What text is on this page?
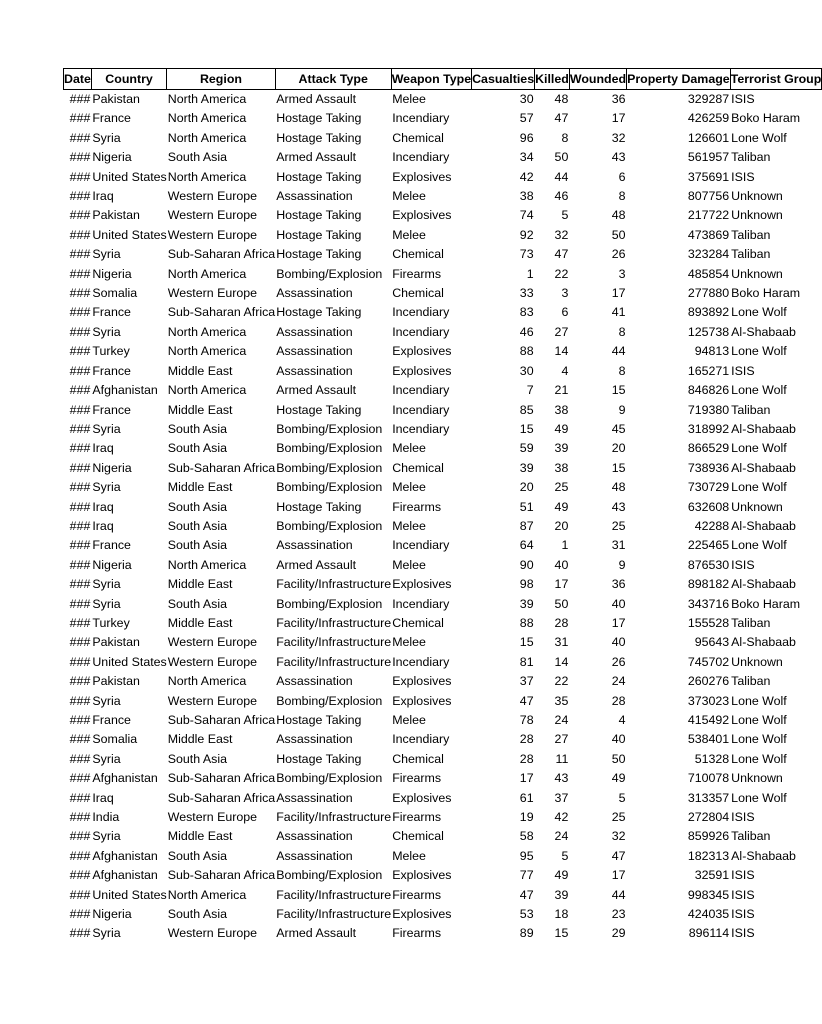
Date	Country	Region	Attack Type	Weapon Type	Casualties	Killed	Wounded	Property Damage	Terrorist Group
###	Pakistan	North America	Armed Assault	Melee	30	48	36	329287	ISIS
###	France	North America	Hostage Taking	Incendiary	57	47	17	426259	Boko Haram
###	Syria	North America	Hostage Taking	Chemical	96	8	32	126601	Lone Wolf
###	Nigeria	South Asia	Armed Assault	Incendiary	34	50	43	561957	Taliban
###	United States	North America	Hostage Taking	Explosives	42	44	6	375691	ISIS
###	Iraq	Western Europe	Assassination	Melee	38	46	8	807756	Unknown
###	Pakistan	Western Europe	Hostage Taking	Explosives	74	5	48	217722	Unknown
###	United States	Western Europe	Hostage Taking	Melee	92	32	50	473869	Taliban
###	Syria	Sub-Saharan Africa	Hostage Taking	Chemical	73	47	26	323284	Taliban
###	Nigeria	North America	Bombing/Explosion	Firearms	1	22	3	485854	Unknown
###	Somalia	Western Europe	Assassination	Chemical	33	3	17	277880	Boko Haram
###	France	Sub-Saharan Africa	Hostage Taking	Incendiary	83	6	41	893892	Lone Wolf
###	Syria	North America	Assassination	Incendiary	46	27	8	125738	Al-Shabaab
###	Turkey	North America	Assassination	Explosives	88	14	44	94813	Lone Wolf
###	France	Middle East	Assassination	Explosives	30	4	8	165271	ISIS
###	Afghanistan	North America	Armed Assault	Incendiary	7	21	15	846826	Lone Wolf
###	France	Middle East	Hostage Taking	Incendiary	85	38	9	719380	Taliban
###	Syria	South Asia	Bombing/Explosion	Incendiary	15	49	45	318992	Al-Shabaab
###	Iraq	South Asia	Bombing/Explosion	Melee	59	39	20	866529	Lone Wolf
###	Nigeria	Sub-Saharan Africa	Bombing/Explosion	Chemical	39	38	15	738936	Al-Shabaab
###	Syria	Middle East	Bombing/Explosion	Melee	20	25	48	730729	Lone Wolf
###	Iraq	South Asia	Hostage Taking	Firearms	51	49	43	632608	Unknown
###	Iraq	South Asia	Bombing/Explosion	Melee	87	20	25	42288	Al-Shabaab
###	France	South Asia	Assassination	Incendiary	64	1	31	225465	Lone Wolf
###	Nigeria	North America	Armed Assault	Melee	90	40	9	876530	ISIS
###	Syria	Middle East	Facility/Infrastructure	Explosives	98	17	36	898182	Al-Shabaab
###	Syria	South Asia	Bombing/Explosion	Incendiary	39	50	40	343716	Boko Haram
###	Turkey	Middle East	Facility/Infrastructure	Chemical	88	28	17	155528	Taliban
###	Pakistan	Western Europe	Facility/Infrastructure	Melee	15	31	40	95643	Al-Shabaab
###	United States	Western Europe	Facility/Infrastructure	Incendiary	81	14	26	745702	Unknown
###	Pakistan	North America	Assassination	Explosives	37	22	24	260276	Taliban
###	Syria	Western Europe	Bombing/Explosion	Explosives	47	35	28	373023	Lone Wolf
###	France	Sub-Saharan Africa	Hostage Taking	Melee	78	24	4	415492	Lone Wolf
###	Somalia	Middle East	Assassination	Incendiary	28	27	40	538401	Lone Wolf
###	Syria	South Asia	Hostage Taking	Chemical	28	11	50	51328	Lone Wolf
###	Afghanistan	Sub-Saharan Africa	Bombing/Explosion	Firearms	17	43	49	710078	Unknown
###	Iraq	Sub-Saharan Africa	Assassination	Explosives	61	37	5	313357	Lone Wolf
###	India	Western Europe	Facility/Infrastructure	Firearms	19	42	25	272804	ISIS
###	Syria	Middle East	Assassination	Chemical	58	24	32	859926	Taliban
###	Afghanistan	South Asia	Assassination	Melee	95	5	47	182313	Al-Shabaab
###	Afghanistan	Sub-Saharan Africa	Bombing/Explosion	Explosives	77	49	17	32591	ISIS
###	United States	North America	Facility/Infrastructure	Firearms	47	39	44	998345	ISIS
###	Nigeria	South Asia	Facility/Infrastructure	Explosives	53	18	23	424035	ISIS
###	Syria	Western Europe	Armed Assault	Firearms	89	15	29	896114	ISIS
